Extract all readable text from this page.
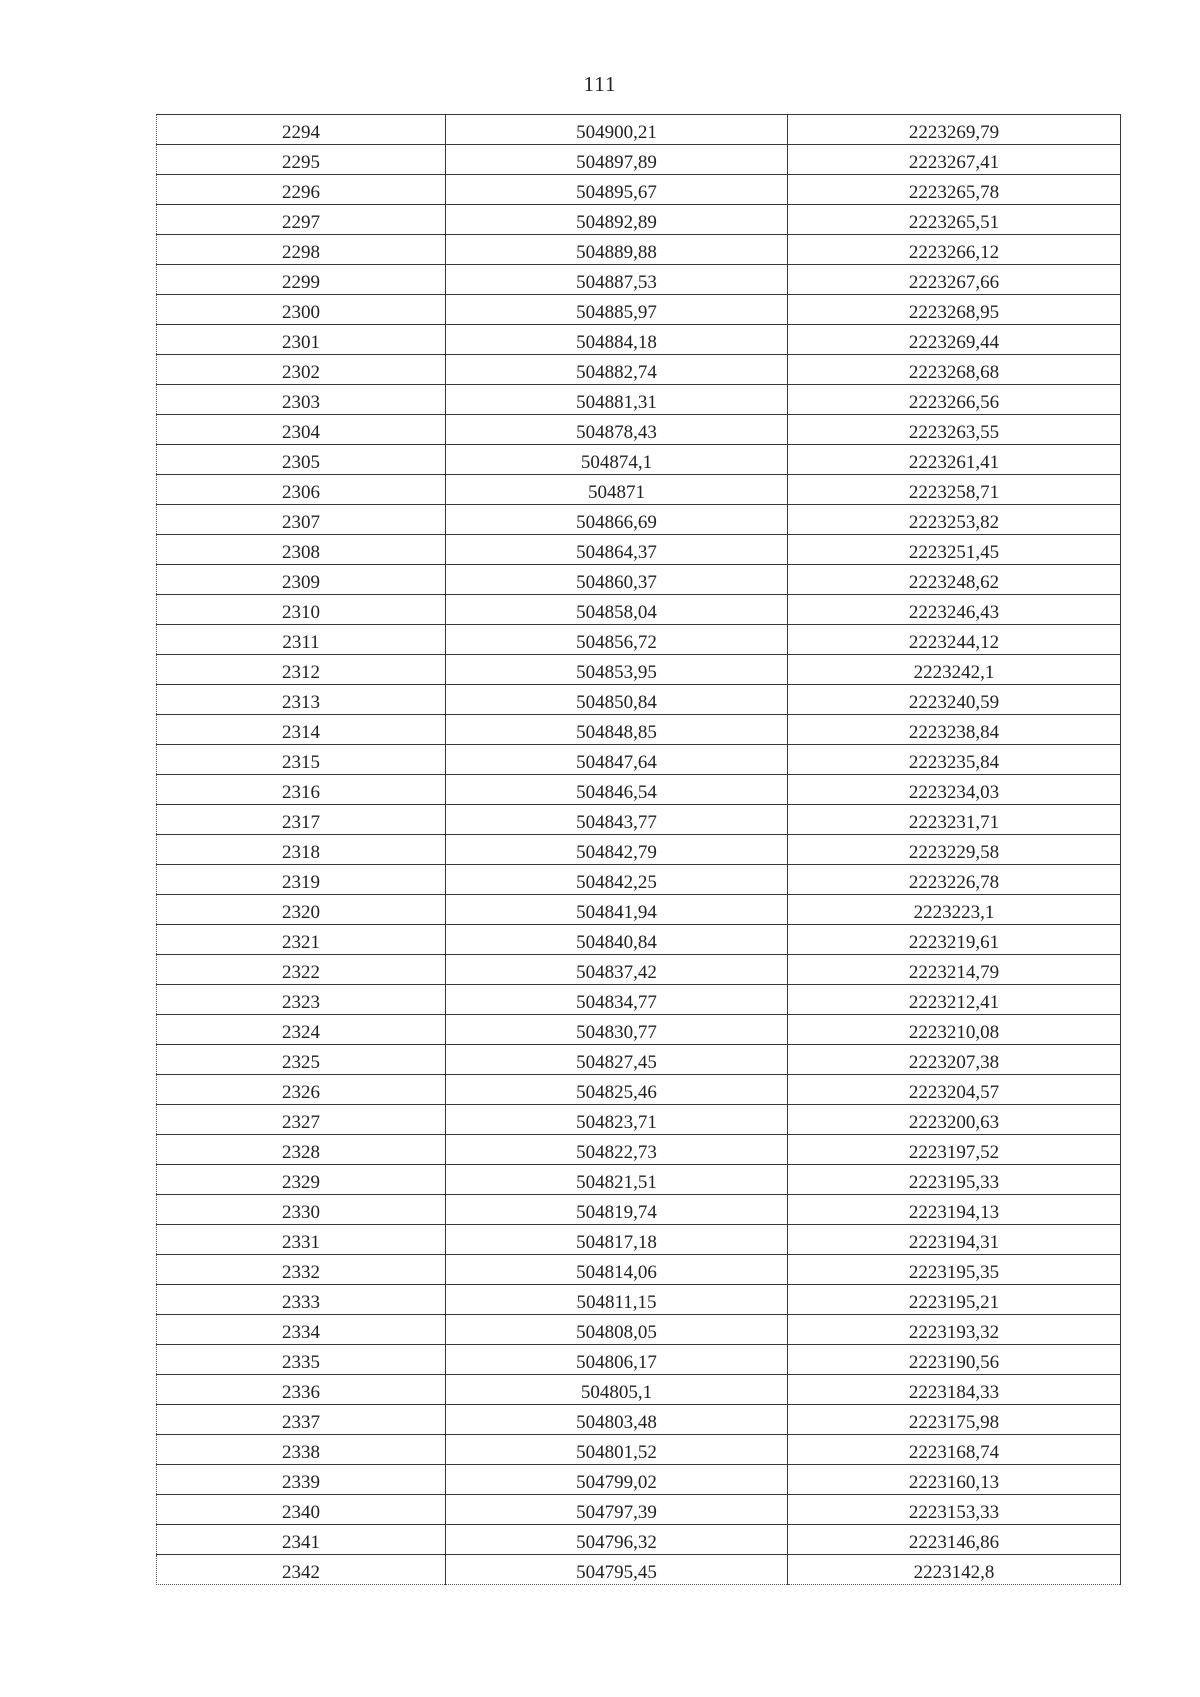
111
2294	504900,21	2223269,79
2295	504897,89	2223267,41
2296	504895,67	2223265,78
2297	504892,89	2223265,51
2298	504889,88	2223266,12
2299	504887,53	2223267,66
2300	504885,97	2223268,95
2301	504884,18	2223269,44
2302	504882,74	2223268,68
2303	504881,31	2223266,56
2304	504878,43	2223263,55
2305	504874,1	2223261,41
2306	504871	2223258,71
2307	504866,69	2223253,82
2308	504864,37	2223251,45
2309	504860,37	2223248,62
2310	504858,04	2223246,43
2311	504856,72	2223244,12
2312	504853,95	2223242,1
2313	504850,84	2223240,59
2314	504848,85	2223238,84
2315	504847,64	2223235,84
2316	504846,54	2223234,03
2317	504843,77	2223231,71
2318	504842,79	2223229,58
2319	504842,25	2223226,78
2320	504841,94	2223223,1
2321	504840,84	2223219,61
2322	504837,42	2223214,79
2323	504834,77	2223212,41
2324	504830,77	2223210,08
2325	504827,45	2223207,38
2326	504825,46	2223204,57
2327	504823,71	2223200,63
2328	504822,73	2223197,52
2329	504821,51	2223195,33
2330	504819,74	2223194,13
2331	504817,18	2223194,31
2332	504814,06	2223195,35
2333	504811,15	2223195,21
2334	504808,05	2223193,32
2335	504806,17	2223190,56
2336	504805,1	2223184,33
2337	504803,48	2223175,98
2338	504801,52	2223168,74
2339	504799,02	2223160,13
2340	504797,39	2223153,33
2341	504796,32	2223146,86
2342	504795,45	2223142,8
